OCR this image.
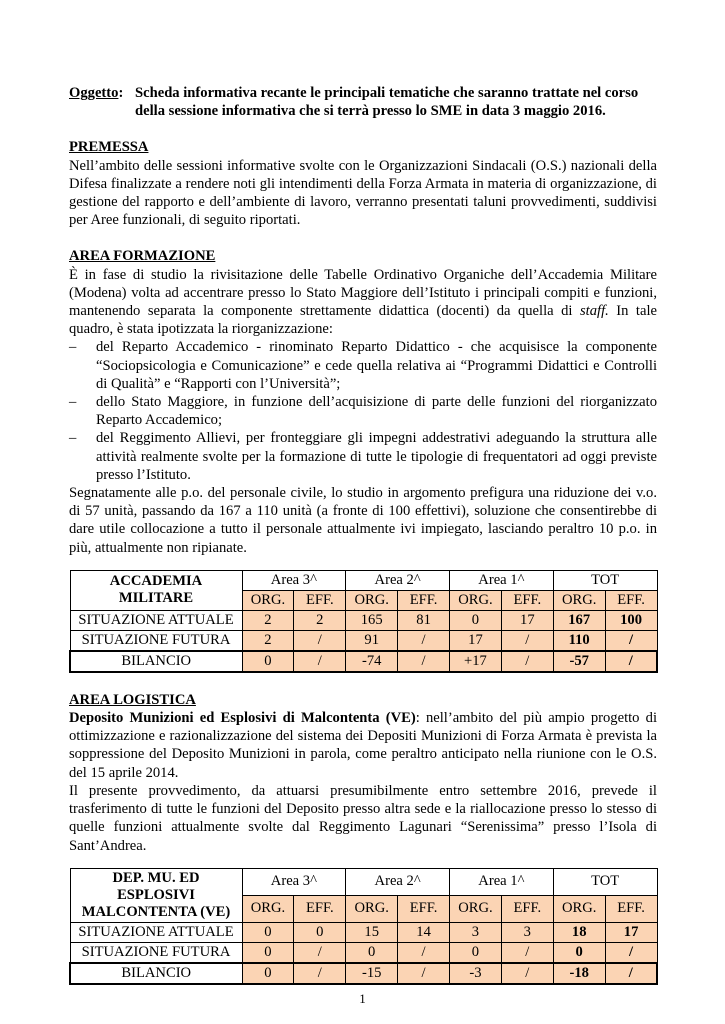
Oggetto: Scheda informativa recante le principali tematiche che saranno trattate nel corso della sessione informativa che si terrà presso lo SME in data 3 maggio 2016.
PREMESSA
Nell’ambito delle sessioni informative svolte con le Organizzazioni Sindacali (O.S.) nazionali della Difesa finalizzate a rendere noti gli intendimenti della Forza Armata in materia di organizzazione, di gestione del rapporto e dell’ambiente di lavoro, verranno presentati taluni provvedimenti, suddivisi per Aree funzionali, di seguito riportati.
AREA FORMAZIONE
È in fase di studio la rivisitazione delle Tabelle Ordinativo Organiche dell’Accademia Militare (Modena) volta ad accentrare presso lo Stato Maggiore dell’Istituto i principali compiti e funzioni, mantenendo separata la componente strettamente didattica (docenti) da quella di staff. In tale quadro, è stata ipotizzata la riorganizzazione:
– del Reparto Accademico - rinominato Reparto Didattico - che acquisisce la componente “Sociopsicologia e Comunicazione” e cede quella relativa ai “Programmi Didattici e Controlli di Qualità” e “Rapporti con l’Università”;
– dello Stato Maggiore, in funzione dell’acquisizione di parte delle funzioni del riorganizzato Reparto Accademico;
– del Reggimento Allievi, per fronteggiare gli impegni addestrativi adeguando la struttura alle attività realmente svolte per la formazione di tutte le tipologie di frequentatori ad oggi previste presso l’Istituto.
Segnatamente alle p.o. del personale civile, lo studio in argomento prefigura una riduzione dei v.o. di 57 unità, passando da 167 a 110 unità (a fronte di 100 effettivi), soluzione che consentirebbe di dare utile collocazione a tutto il personale attualmente ivi impiegato, lasciando peraltro 10 p.o. in più, attualmente non ripianate.
ACCADEMIA MILITARE	Area 3^		Area 2^		Area 1^		TOT	
	ORG.	EFF.	ORG.	EFF.	ORG.	EFF.	ORG.	EFF.
SITUAZIONE ATTUALE	2	2	165	81	0	17	167	100
SITUAZIONE FUTURA	2	/	91	/	17	/	110	/
BILANCIO	0	/	-74	/	+17	/	-57	/
AREA LOGISTICA
Deposito Munizioni ed Esplosivi di Malcontenta (VE): nell’ambito del più ampio progetto di ottimizzazione e razionalizzazione del sistema dei Depositi Munizioni di Forza Armata è prevista la soppressione del Deposito Munizioni in parola, come peraltro anticipato nella riunione con le O.S. del 15 aprile 2014.
Il presente provvedimento, da attuarsi presumibilmente entro settembre 2016, prevede il trasferimento di tutte le funzioni del Deposito presso altra sede e la riallocazione presso lo stesso di quelle funzioni attualmente svolte dal Reggimento Lagunari “Serenissima” presso l’Isola di Sant’Andrea.
DEP. MU. ED ESPLOSIVI MALCONTENTA (VE)	Area 3^		Area 2^		Area 1^		TOT	
	ORG.	EFF.	ORG.	EFF.	ORG.	EFF.	ORG.	EFF.
SITUAZIONE ATTUALE	0	0	15	14	3	3	18	17
SITUAZIONE FUTURA	0	/	0	/	0	/	0	/
BILANCIO	0	/	-15	/	-3	/	-18	/
1
